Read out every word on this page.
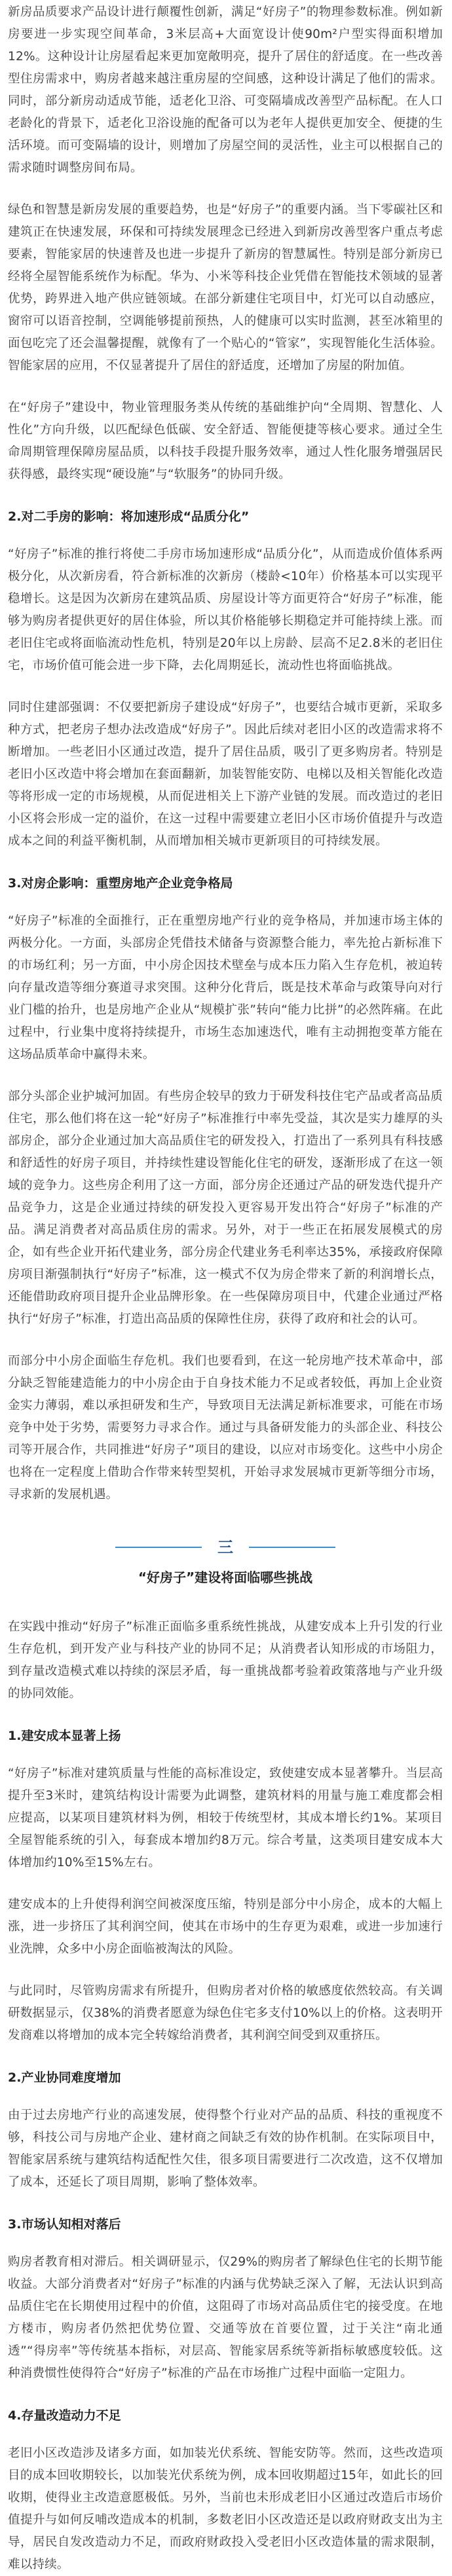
新房品质要求产品设计进行颠覆性创新，满足“好房子”的物理参数标准。例如新房要进一步实现空间革命，3米层高+大面宽设计使90m²户型实得面积增加12%。这种设计让房屋看起来更加宽敞明亮，提升了居住的舒适度。在一些改善型住房需求中，购房者越来越注重房屋的空间感，这种设计满足了他们的需求。同时，部分新房动适成节能，适老化卫浴、可变隔墙成改善型产品标配。在人口老龄化的背景下，适老化卫浴设施的配备可以为老年人提供更加安全、便捷的生活环境。而可变隔墙的设计，则增加了房屋空间的灵活性，业主可以根据自己的需求随时调整房间布局。

绿色和智慧是新房发展的重要趋势，也是“好房子”的重要内涵。当下零碳社区和建筑正在快速发展，环保和可持续发展理念已经进入到新房改善型客户重点考虑要素，智能家居的快速普及也进一步提升了新房的智慧属性。特别是部分新房已经将全屋智能系统作为标配。华为、小米等科技企业凭借在智能技术领域的显著优势，跨界进入地产供应链领域。在部分新建住宅项目中，灯光可以自动感应，窗帘可以语音控制，空调能够提前预热，人的健康可以实时监测，甚至冰箱里的面包吃完了还会温馨提醒，就像有了一个贴心的“管家”，实现智能化生活体验。智能家居的应用，不仅显著提升了居住的舒适度，还增加了房屋的附加值。

在“好房子”建设中，物业管理服务类从传统的基础维护向“全周期、智慧化、人性化”方向升级，以匹配绿色低碳、安全舒适、智能便捷等核心要求。通过全生命周期管理保障房屋品质，以科技手段提升服务效率，通过人性化服务增强居民获得感，最终实现“硬设施”与“软服务”的协同升级。

2.对二手房的影响：将加速形成“品质分化”

“好房子”标准的推行将使二手房市场加速形成“品质分化”，从而造成价值体系两极分化，从次新房看，符合新标准的次新房（楼龄<10年）价格基本可以实现平稳增长。这是因为次新房在建筑品质、房屋设计等方面更符合“好房子”标准，能够为购房者提供更好的居住体验，所以其价格能够长期稳定并可能持续上涨。而老旧住宅或将面临流动性危机，特别是20年以上房龄、层高不足2.8米的老旧住宅，市场价值可能会进一步下降，去化周期延长，流动性也将面临挑战。

同时住建部强调：不仅要把新房子建设成“好房子”，也要结合城市更新，采取多种方式，把老房子想办法改造成“好房子”。因此后续对老旧小区的改造需求将不断增加。一些老旧小区通过改造，提升了居住品质，吸引了更多购房者。特别是老旧小区改造中将会增加在套面翻新，加装智能安防、电梯以及相关智能化改造等将形成一定的市场规模，从而促进相关上下游产业链的发展。而改造过的老旧小区将会形成一定的溢价，在这一过程中需要建立老旧小区市场价值提升与改造成本之间的利益平衡机制，从而增加相关城市更新项目的可持续发展。

3.对房企影响：重塑房地产企业竞争格局

“好房子”标准的全面推行，正在重塑房地产行业的竞争格局，并加速市场主体的两极分化。一方面，头部房企凭借技术储备与资源整合能力，率先抢占新标准下的市场红利；另一方面，中小房企因技术壁垒与成本压力陷入生存危机，被迫转向存量改造等细分赛道寻求突围。这种分化背后，既是技术革命与政策导向对行业门槛的抬升，也是房地产企业从“规模扩张”转向“能力比拼”的必然阵痛。在此过程中，行业集中度将持续提升，市场生态加速迭代，唯有主动拥抱变革方能在这场品质革命中赢得未来。

部分头部企业护城河加固。有些房企较早的致力于研发科技住宅产品或者高品质住宅，那么他们将在这一轮“好房子”标准推行中率先受益，其次是实力雄厚的头部房企，部分企业通过加大高品质住宅的研发投入，打造出了一系列具有科技感和舒适性的好房子项目，并持续性建设智能化住宅的研发，逐渐形成了在这一领域的竞争力。这些房企利用了这一方面，部分房企还通过产品的研发迭代提升产品竞争力，这是企业通过持续的研发投入更容易开发出符合“好房子”标准的产品。满足消费者对高品质住房的需求。另外，对于一些正在拓展发展模式的房企，如有些企业开拓代建业务，部分房企代建业务毛利率达35%，承接政府保障房项目渐强制执行“好房子”标准，这一模式不仅为房企带来了新的利润增长点，还能借助政府项目提升企业品牌形象。在一些保障房项目中，代建企业通过严格执行“好房子”标准，打造出高品质的保障性住房，获得了政府和社会的认可。

而部分中小房企面临生存危机。我们也要看到，在这一轮房地产技术革命中，部分缺乏智能建造能力的中小房企由于自身技术能力不足或者较低，再加上企业资金实力薄弱，难以承担研发和生产，导致项目无法满足新标准要求，可能在市场竞争中处于劣势，需要努力寻求合作。通过与具备研发能力的头部企业、科技公司等开展合作，共同推进“好房子”项目的建设，以应对市场变化。这些中小房企也将在一定程度上借助合作带来转型契机，开始寻求发展城市更新等细分市场，寻求新的发展机遇。

三
“好房子”建设将面临哪些挑战

在实践中推动“好房子”标准正面临多重系统性挑战，从建安成本上升引发的行业生存危机，到开发产业与科技产业的协同不足；从消费者认知形成的市场阻力，到存量改造模式难以持续的深层矛盾，每一重挑战都考验着政策落地与产业升级的协同效能。

1.建安成本显著上扬

“好房子”标准对建筑质量与性能的高标准设定，致使建安成本显著攀升。当层高提升至3米时，建筑结构设计需要为此调整，建筑材料的用量与施工难度都会相应提高，以某项目建筑材料为例，相较于传统型材，其成本增长约1%。某项目全屋智能系统的引入，每套成本增加约8万元。综合考量，这类项目建安成本大体增加约10%至15%左右。

建安成本的上升使得利润空间被深度压缩，特别是部分中小房企，成本的大幅上涨，进一步挤压了其利润空间，使其在市场中的生存更为艰难，或进一步加速行业洗牌，众多中小房企面临被淘汰的风险。

与此同时，尽管购房需求有所提升，但购房者对价格的敏感度依然较高。有关调研数据显示，仅38%的消费者愿意为绿色住宅多支付10%以上的价格。这表明开发商难以将增加的成本完全转嫁给消费者，其利润空间受到双重挤压。

2.产业协同难度增加

由于过去房地产行业的高速发展，使得整个行业对产品的品质、科技的重视度不够，科技公司与房地产企业、建材商之间缺乏有效的协作机制。在实际项目中，智能家居系统与建筑结构适配性欠佳，很多项目需要进行二次改造，这不仅增加了成本，还延长了项目周期，影响了整体效率。

3.市场认知相对落后

购房者教育相对滞后。相关调研显示，仅29%的购房者了解绿色住宅的长期节能收益。大部分消费者对“好房子”标准的内涵与优势缺乏深入了解，无法认识到高品质住宅在长期使用过程中的价值，这阻碍了市场对高品质住宅的接受度。在地方楼市，购房者仍然把优势位置、交通等放在首要位置，过于关注“南北通透”“得房率”等传统基本指标，对层高、智能家居系统等新指标敏感度较低。这种消费惯性使得符合“好房子”标准的产品在市场推广过程中面临一定阻力。

4.存量改造动力不足

老旧小区改造涉及诸多方面，如加装光伏系统、智能安防等。然而，这些改造项目的成本回收期较长，以加装光伏系统为例，成本回收期超过15年，如此长的回收期，使得业主改造意愿极低。另外，当前也未形成老旧小区通过改造后市场价值提升与如何反哺改造成本的机制，多数老旧小区改造还是以政府财政支出为主导，居民自发改造动力不足，而政府财政投入受老旧小区改造体量的需求限制，难以持续。
